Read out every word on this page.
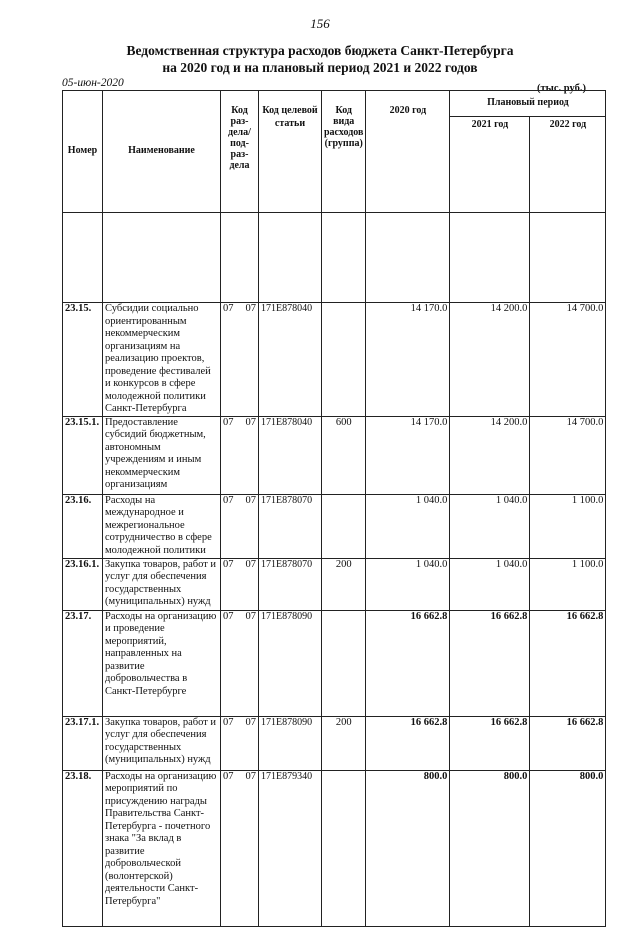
156
Ведомственная структура расходов бюджета Санкт-Петербурга
на 2020 год и на плановый период 2021 и 2022 годов
05-июн-2020	(тыс. руб.)
Номер	Наименование	Код раз- дела/ под- раз- дела	Код целевой статьи	Код вида расходов (группа)	2020 год	Плановый период	
						2021 год	2022 год

23.15.	Субсидии социально ориентированным некоммерческим организациям на реализацию проектов, проведение фестивалей и конкурсов в сфере молодежной политики Санкт-Петербурга	07 07	171Е878040		14 170.0	14 200.0	14 700.0
23.15.1.	Предоставление субсидий бюджетным, автономным учреждениям и иным некоммерческим организациям	07 07	171Е878040	600	14 170.0	14 200.0	14 700.0
23.16.	Расходы на международное и межрегиональное сотрудничество в сфере молодежной политики	07 07	171Е878070		1 040.0	1 040.0	1 100.0
23.16.1.	Закупка товаров, работ и услуг для обеспечения государственных (муниципальных) нужд	07 07	171Е878070	200	1 040.0	1 040.0	1 100.0
23.17.	Расходы на организацию и проведение мероприятий, направленных на развитие добровольчества в Санкт-Петербурге	07 07	171Е878090		16 662.8	16 662.8	16 662.8
23.17.1.	Закупка товаров, работ и услуг для обеспечения государственных (муниципальных) нужд	07 07	171Е878090	200	16 662.8	16 662.8	16 662.8
23.18.	Расходы на организацию мероприятий по присуждению награды Правительства Санкт-Петербурга - почетного знака "За вклад в развитие добровольческой (волонтерской) деятельности Санкт-Петербурга"	07 07	171Е879340		800.0	800.0	800.0
